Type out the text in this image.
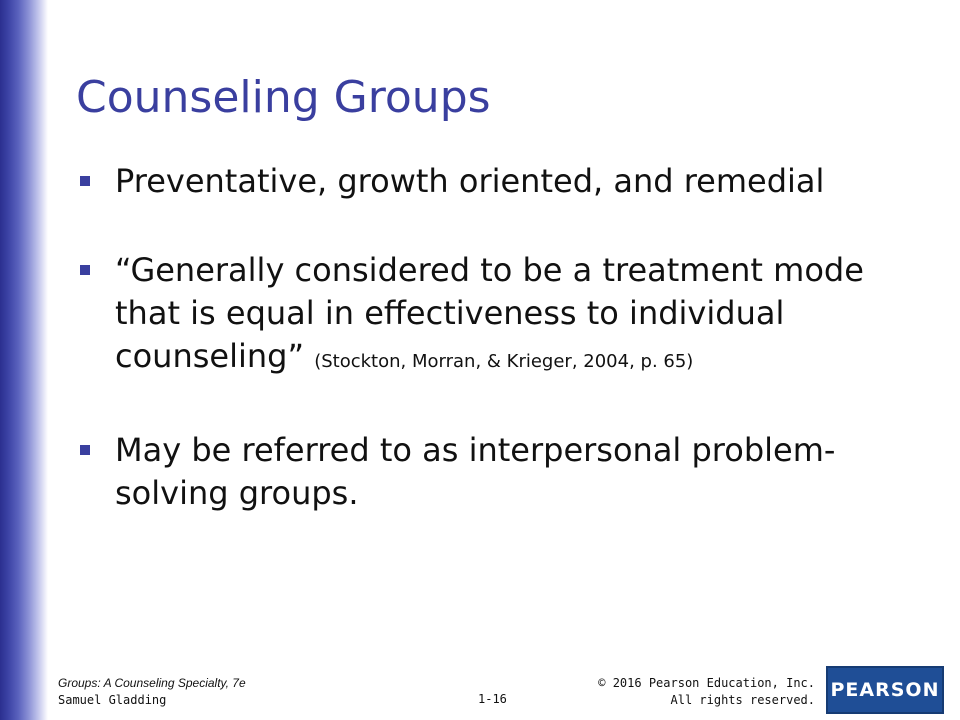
Counseling Groups
Preventative, growth oriented, and remedial
“Generally considered to be a treatment mode that is equal in effectiveness to individual counseling” (Stockton, Morran, & Krieger, 2004, p. 65)
May be referred to as interpersonal problem-solving groups.
Groups: A Counseling Specialty, 7e
Samuel Gladding	1-16
© 2016 Pearson Education, Inc.
All rights reserved. PEARSON
